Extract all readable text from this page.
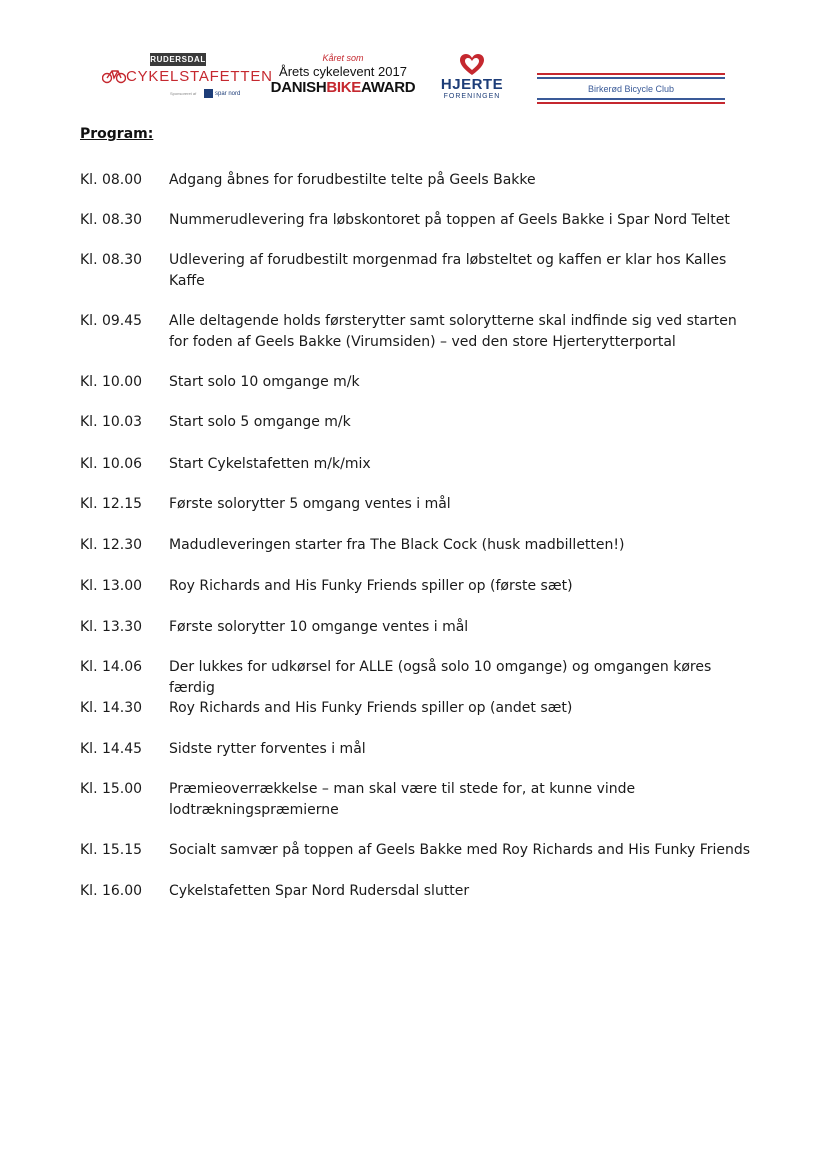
RUDERSDAL
CYKELSTAFETTEN
Sponsoreret af	spar nord
Kåret som
Årets cykelevent 2017
DANISHBIKEAWARD	HJERTE
FORENINGEN
Birkerød Bicycle Club
Program:
Kl. 08.00	Adgang åbnes for forudbestilte telte på Geels Bakke
Kl. 08.30	Nummerudlevering fra løbskontoret på toppen af Geels Bakke i Spar Nord Teltet
Kl. 08.30	Udlevering af forudbestilt morgenmad fra løbsteltet og kaffen er klar hos Kalles Kaffe
Kl. 09.45	Alle deltagende holds førsterytter samt solorytterne skal indfinde sig ved starten for foden af Geels Bakke (Virumsiden) – ved den store Hjerterytterportal
Kl. 10.00	Start solo 10 omgange m/k
Kl. 10.03	Start solo 5 omgange m/k
Kl. 10.06	Start Cykelstafetten m/k/mix
Kl. 12.15	Første solorytter 5 omgang ventes i mål
Kl. 12.30	Madudleveringen starter fra The Black Cock (husk madbilletten!)
Kl. 13.00	Roy Richards and His Funky Friends spiller op (første sæt)
Kl. 13.30	Første solorytter 10 omgange ventes i mål
Kl. 14.06	Der lukkes for udkørsel for ALLE (også solo 10 omgange) og omgangen køres færdig
Kl. 14.30	Roy Richards and His Funky Friends spiller op (andet sæt)
Kl. 14.45	Sidste rytter forventes i mål
Kl. 15.00	Præmieoverrækkelse – man skal være til stede for, at kunne vinde lodtrækningspræmierne
Kl. 15.15	Socialt samvær på toppen af Geels Bakke med Roy Richards and His Funky Friends
Kl. 16.00	Cykelstafetten Spar Nord Rudersdal slutter
